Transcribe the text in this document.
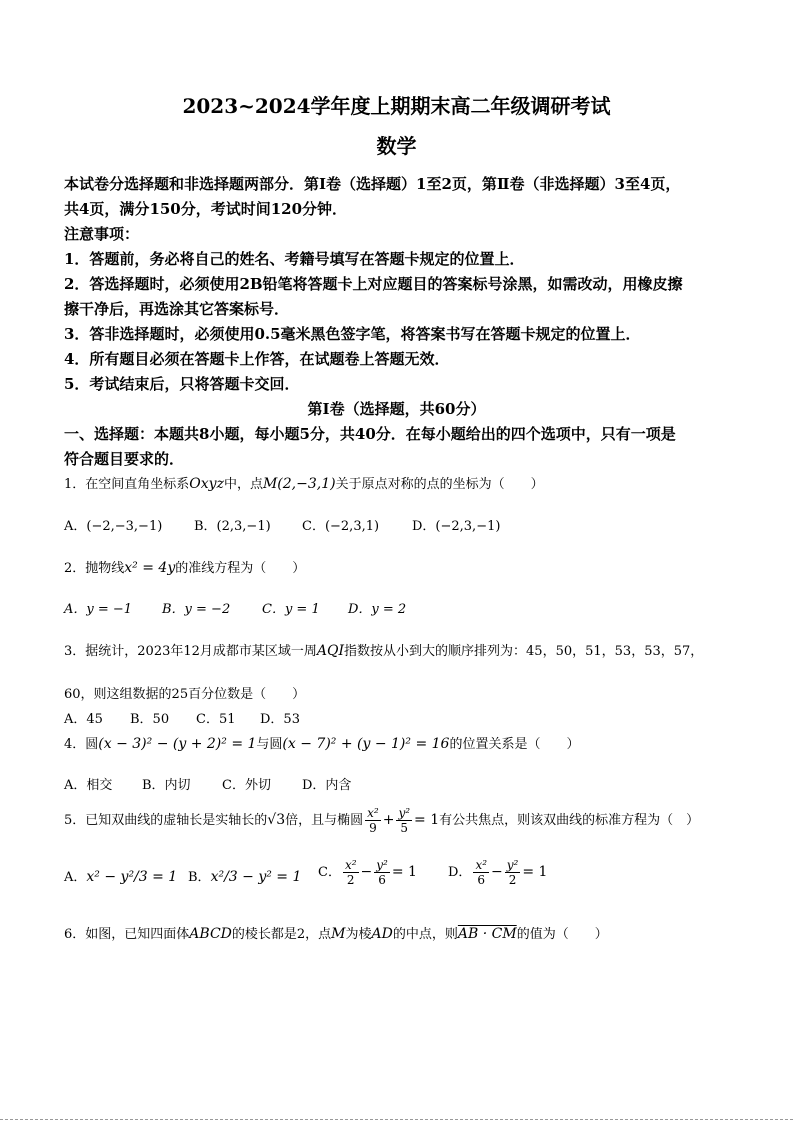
2023~2024学年度上期期末高二年级调研考试
数学
本试卷分选择题和非选择题两部分．第Ⅰ卷（选择题）1至2页，第Ⅱ卷（非选择题）3至4页，
共4页，满分150分，考试时间120分钟．
注意事项：
1．答题前，务必将自己的姓名、考籍号填写在答题卡规定的位置上．
2．答选择题时，必须使用2B铅笔将答题卡上对应题目的答案标号涂黑，如需改动，用橡皮擦
擦干净后，再选涂其它答案标号．
3．答非选择题时，必须使用0.5毫米黑色签字笔，将答案书写在答题卡规定的位置上．
4．所有题目必须在答题卡上作答，在试题卷上答题无效．
5．考试结束后，只将答题卡交回．
第Ⅰ卷（选择题，共60分）
一、选择题：本题共8小题，每小题5分，共40分．在每小题给出的四个选项中，只有一项是
符合题目要求的．
1．在空间直角坐标系Oxyz中，点M(2,−3,1)关于原点对称的点的坐标为（　　）
A．(−2,−3,−1) B．(2,3,−1) C．(−2,3,1)	D．(−2,3,−1)
2．抛物线x² = 4y的准线方程为（　　）
A．y = −1 B．y = −2 C．y = 1 D．y = 2
3．据统计，2023年12月成都市某区域一周AQI指数按从小到大的顺序排列为：45，50，51，53，53，57，
60，则这组数据的25百分位数是（　　）
A．45 B．50 C．51 D．53
4．圆(x − 3)² − (y + 2)² = 1与圆(x − 7)² + (y − 1)² = 16的位置关系是（　　）
A．相交 B．内切 C．外切 D．内含
5．已知双曲线的虚轴长是实轴长的√3倍，且与椭圆 $\frac{\text{x²}}{9} + \frac{\text{y²}}{5} = 1$有公共焦点，则该双曲线的标准方程为（　）
A．x² − y²/3 = 1 B．x²/3 − y² = 1 C． $\frac{\text{x²}}{2} - \frac{\text{y²}}{6} = 1$ D． $\frac{\text{x²}}{6} - \frac{\text{y²}}{2} = 1$
6．如图，已知四面体ABCD的棱长都是2，点M为棱AD的中点，则AB · CM的值为（　　）
